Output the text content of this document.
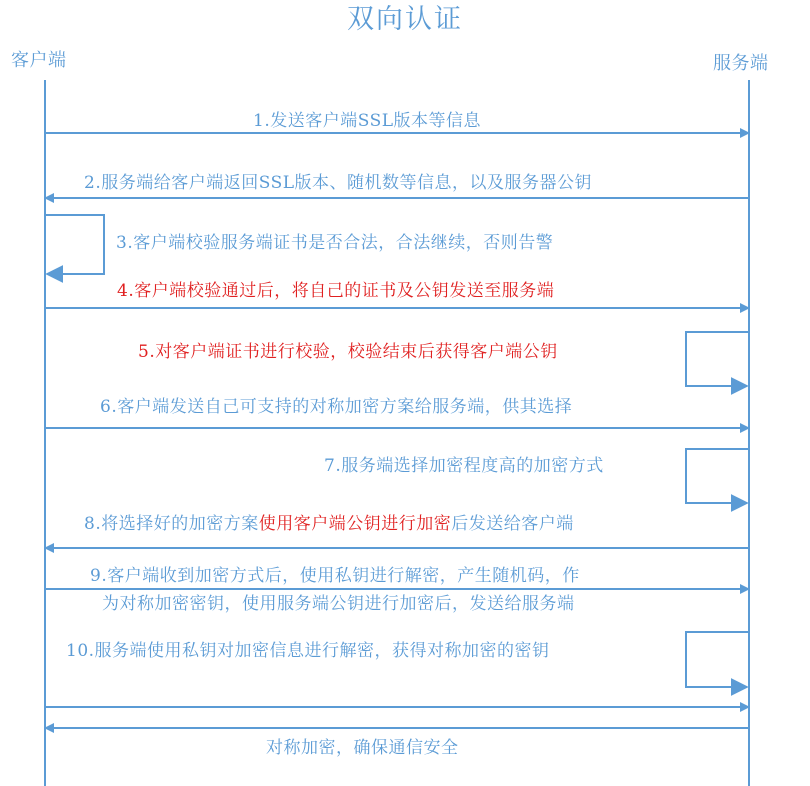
双向认证
客户端	服务端
1.发送客户端SSL版本等信息
2.服务端给客户端返回SSL版本、随机数等信息，以及服务器公钥
3.客户端校验服务端证书是否合法，合法继续，否则告警
4.客户端校验通过后，将自己的证书及公钥发送至服务端
5.对客户端证书进行校验，校验结束后获得客户端公钥
6.客户端发送自己可支持的对称加密方案给服务端，供其选择
7.服务端选择加密程度高的加密方式
8.将选择好的加密方案使用客户端公钥进行加密后发送给客户端
9.客户端收到加密方式后，使用私钥进行解密，产生随机码，作
为对称加密密钥，使用服务端公钥进行加密后，发送给服务端
10.服务端使用私钥对加密信息进行解密，获得对称加密的密钥
对称加密，确保通信安全
